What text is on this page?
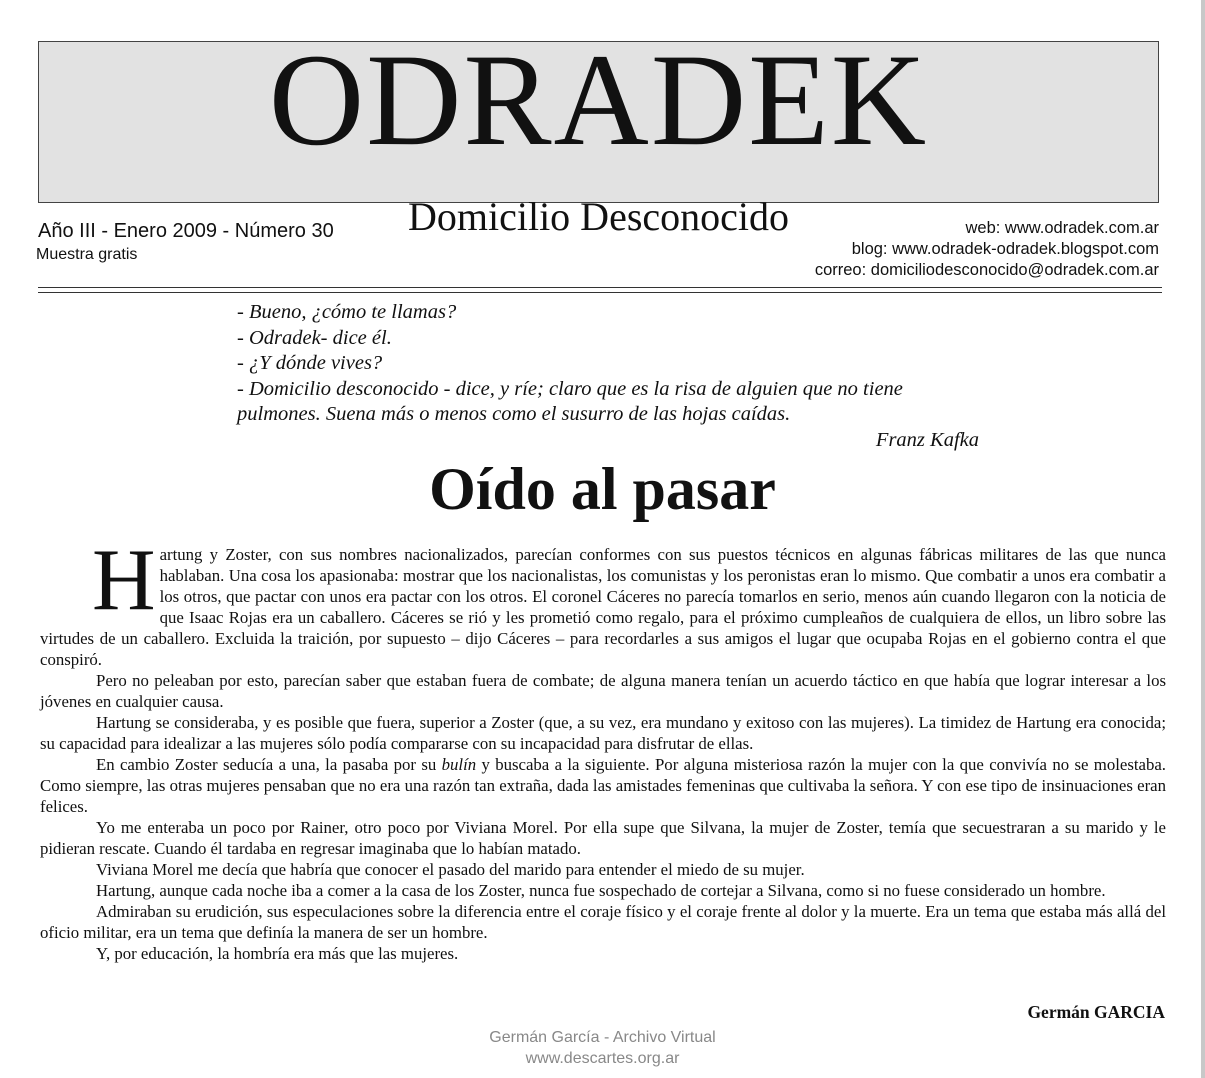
ODRADEK
Domicilio Desconocido
Año III - Enero 2009 - Número 30
Muestra gratis
web: www.odradek.com.ar
blog: www.odradek-odradek.blogspot.com
correo: domiciliodesconocido@odradek.com.ar

- Bueno, ¿cómo te llamas?

- Odradek- dice él.

- ¿Y dónde vives?

- Domicilio desconocido - dice, y ríe; claro que es la risa de alguien que no tiene pulmones. Suena más o menos como el susurro de las hojas caídas.

Franz Kafka

Oído al pasar

Hartung y Zoster, con sus nombres nacionalizados, parecían conformes con sus puestos técnicos en algunas fábricas militares de las que nunca hablaban. Una cosa los apasionaba: mostrar que los nacionalistas, los comunistas y los peronistas eran lo mismo. Que combatir a unos era combatir a los otros, que pactar con unos era pactar con los otros. El coronel Cáceres no parecía tomarlos en serio, menos aún cuando llegaron con la noticia de que Isaac Rojas era un caballero. Cáceres se rió y les prometió como regalo, para el próximo cumpleaños de cualquiera de ellos, un libro sobre las virtudes de un caballero. Excluida la traición, por supuesto – dijo Cáceres – para recordarles a sus amigos el lugar que ocupaba Rojas en el gobierno contra el que conspiró.

Pero no peleaban por esto, parecían saber que estaban fuera de combate; de alguna manera tenían un acuerdo táctico en que había que lograr interesar a los jóvenes en cualquier causa.

Hartung se consideraba, y es posible que fuera, superior a Zoster (que, a su vez, era mundano y exitoso con las mujeres). La timidez de Hartung era conocida; su capacidad para idealizar a las mujeres sólo podía compararse con su incapacidad para disfrutar de ellas.

En cambio Zoster seducía a una, la pasaba por su bulín y buscaba a la siguiente. Por alguna misteriosa razón la mujer con la que convivía no se molestaba. Como siempre, las otras mujeres pensaban que no era una razón tan extraña, dada las amistades femeninas que cultivaba la señora. Y con ese tipo de insinuaciones eran felices.

Yo me enteraba un poco por Rainer, otro poco por Viviana Morel. Por ella supe que Silvana, la mujer de Zoster, temía que secuestraran a su marido y le pidieran rescate. Cuando él tardaba en regresar imaginaba que lo habían matado.

Viviana Morel me decía que habría que conocer el pasado del marido para entender el miedo de su mujer.

Hartung, aunque cada noche iba a comer a la casa de los Zoster, nunca fue sospechado de cortejar a Silvana, como si no fuese considerado un hombre.

Admiraban su erudición, sus especulaciones sobre la diferencia entre el coraje físico y el coraje frente al dolor y la muerte. Era un tema que estaba más allá del oficio militar, era un tema que definía la manera de ser un hombre.

Y, por educación, la hombría era más que las mujeres.

Germán GARCIA
Germán García - Archivo Virtual
www.descartes.org.ar
